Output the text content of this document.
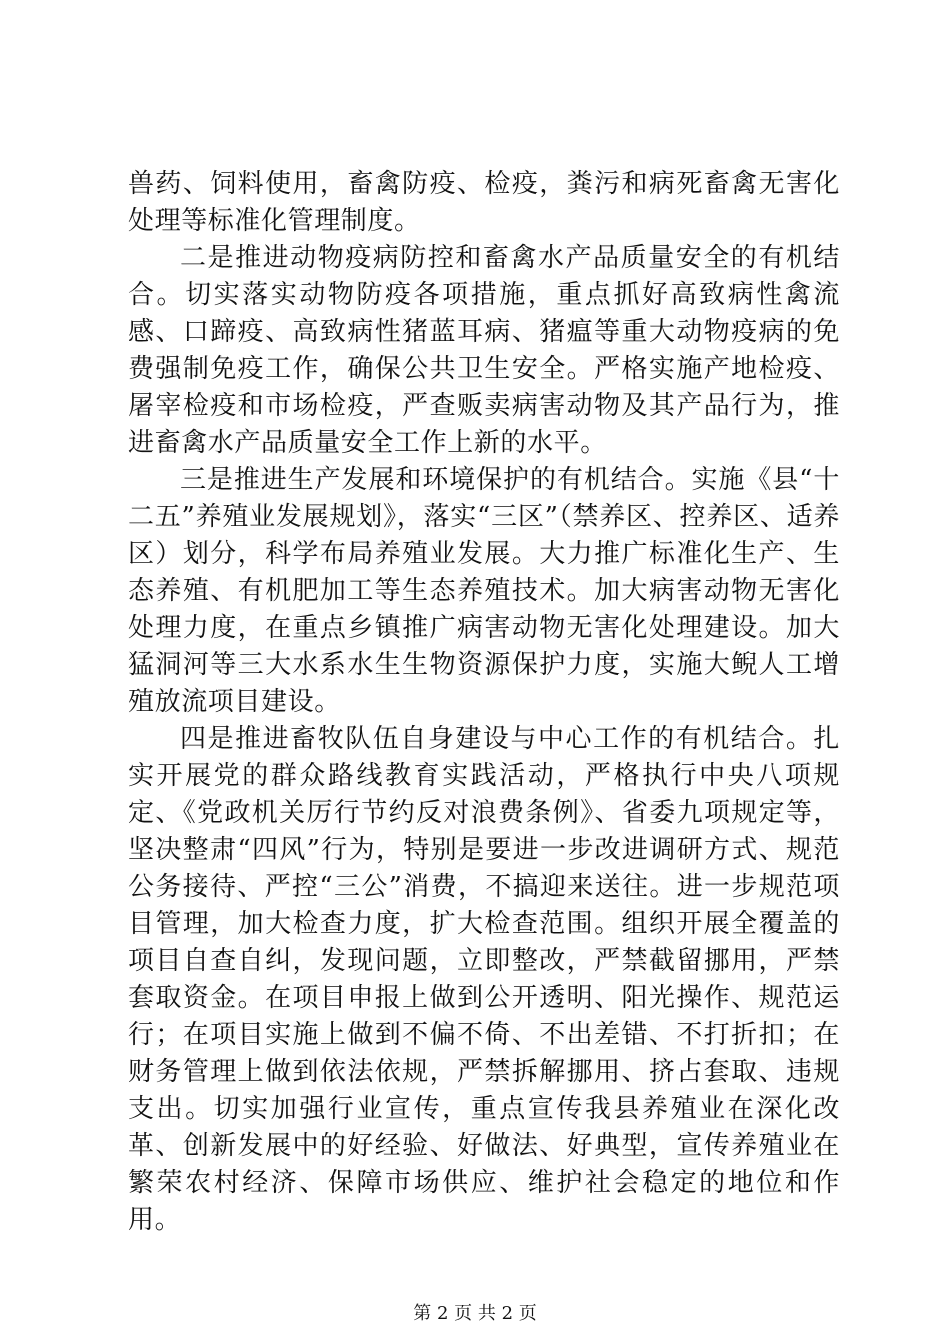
兽药、饲料使用，畜禽防疫、检疫，粪污和病死畜禽无害化处理等标准化管理制度。

二是推进动物疫病防控和畜禽水产品质量安全的有机结合。切实落实动物防疫各项措施，重点抓好高致病性禽流感、口蹄疫、高致病性猪蓝耳病、猪瘟等重大动物疫病的免费强制免疫工作，确保公共卫生安全。严格实施产地检疫、屠宰检疫和市场检疫，严查贩卖病害动物及其产品行为，推进畜禽水产品质量安全工作上新的水平。

三是推进生产发展和环境保护的有机结合。实施《县“十二五”养殖业发展规划》，落实“三区”（禁养区、控养区、适养区）划分，科学布局养殖业发展。大力推广标准化生产、生态养殖、有机肥加工等生态养殖技术。加大病害动物无害化处理力度，在重点乡镇推广病害动物无害化处理建设。加大猛洞河等三大水系水生生物资源保护力度，实施大鲵人工增殖放流项目建设。

四是推进畜牧队伍自身建设与中心工作的有机结合。扎实开展党的群众路线教育实践活动，严格执行中央八项规定、《党政机关厉行节约反对浪费条例》、省委九项规定等，坚决整肃“四风”行为，特别是要进一步改进调研方式、规范公务接待、严控“三公”消费，不搞迎来送往。进一步规范项目管理，加大检查力度，扩大检查范围。组织开展全覆盖的项目自查自纠，发现问题，立即整改，严禁截留挪用，严禁套取资金。在项目申报上做到公开透明、阳光操作、规范运行；在项目实施上做到不偏不倚、不出差错、不打折扣；在财务管理上做到依法依规，严禁拆解挪用、挤占套取、违规支出。切实加强行业宣传，重点宣传我县养殖业在深化改革、创新发展中的好经验、好做法、好典型，宣传养殖业在繁荣农村经济、保障市场供应、维护社会稳定的地位和作用。

第 2 页 共 2 页
